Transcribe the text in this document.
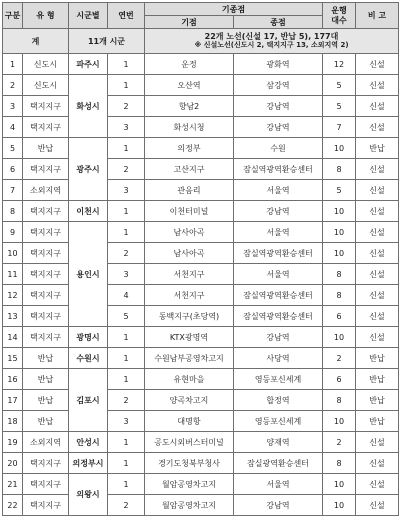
구분	유 형	시군별	연번	기종점		운행
대수	비 고
				기점	종점		
계		11개 시군		22개 노선(신설 17, 반납 5), 177대
※ 신설노선(신도시 2, 택지지구 13, 소외지역 2)			

1	신도시	파주시	1	운정	광화역	12	신설
2	신도시	화성시	1	오산역	삼강역	5	신설
3	택지지구		2	향남2	강남역	5	신설
4	택지지구		3	화성시청	강남역	7	신설
5	반납	광주시	1	의정부	수원	10	반납
6	택지지구		2	고산지구	잠실역광역환승센터	8	신설
7	소외지역		3	관음리	서울역	5	신설
8	택지지구	이천시	1	이천터미널	강남역	10	신설
9	택지지구	용인시	1	남사아곡	서울역	10	신설
10	택지지구		2	남사아곡	잠실역광역환승센터	10	신설
11	택지지구		3	서천지구	서울역	8	신설
12	택지지구		4	서천지구	잠실역광역환승센터	8	신설
13	택지지구		5	동백지구(초당역)	잠실역광역환승센터	6	신설
14	택지지구	광명시	1	KTX광명역	강남역	10	신설
15	반납	수원시	1	수원남부공영차고지	사당역	2	반납
16	반납	김포시	1	유현마을	영등포신세계	6	반납
17	반납		2	양곡차고지	합정역	8	반납
18	반납		3	대명항	영등포신세계	10	반납
19	소외지역	안성시	1	공도시외버스터미널	양재역	2	신설
20	택지지구	의정부시	1	경기도청북부청사	잠실광역환승센터	8	신설
21	택지지구	의왕시	1	월암공영차고지	서울역	10	신설
22	택지지구		2	월암공영차고지	강남역	10	신설
